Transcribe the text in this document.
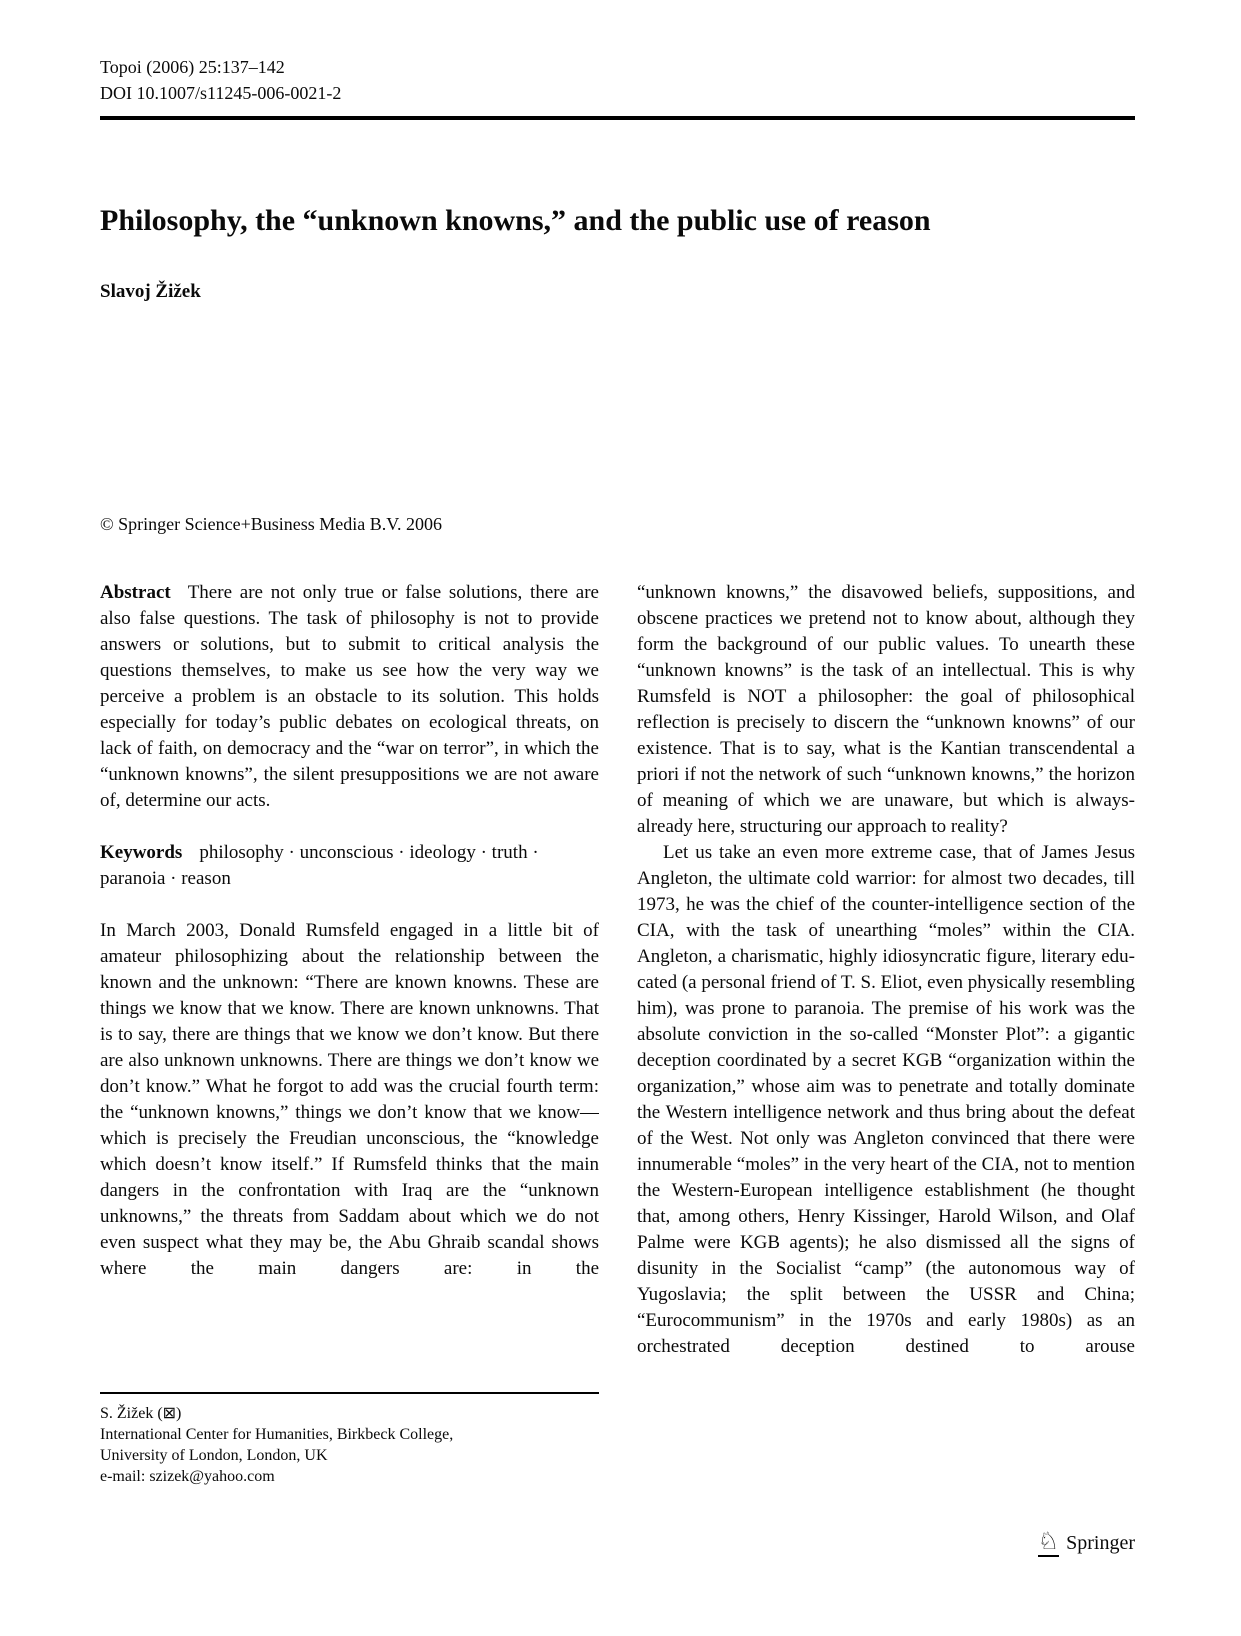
Topoi (2006) 25:137–142
DOI 10.1007/s11245-006-0021-2
Philosophy, the “unknown knowns,” and the public use of reason
Slavoj Žižek
© Springer Science+Business Media B.V. 2006

Abstract There are not only true or false solutions, there are also false questions. The task of philosophy is not to provide answers or solutions, but to submit to critical analysis the questions themselves, to make us see how the very way we perceive a problem is an obstacle to its solution. This holds especially for today’s public debates on ecological threats, on lack of faith, on democracy and the “war on terror”, in which the “unknown knowns”, the silent presuppositions we are not aware of, determine our acts.

Keywords philosophy · unconscious · ideology · truth · paranoia · reason

In March 2003, Donald Rumsfeld engaged in a little bit of amateur philosophizing about the relationship between the known and the unknown: “There are known knowns. These are things we know that we know. There are known unknowns. That is to say, there are things that we know we don’t know. But there are also unknown unknowns. There are things we don’t know we don’t know.” What he forgot to add was the crucial fourth term: the “unknown knowns,” things we don’t know that we know—which is precisely the Freudian unconscious, the “knowledge which doesn’t know itself.” If Rumsfeld thinks that the main dangers in the confrontation with Iraq are the “unknown unknowns,” the threats from Saddam about which we do not even suspect what they may be, the Abu Ghraib scandal shows where the main dangers are: in the

“unknown knowns,” the disavowed beliefs, suppositions, and obscene practices we pretend not to know about, although they form the background of our public values. To unearth these “unknown knowns” is the task of an intellectual. This is why Rumsfeld is NOT a philosopher: the goal of philosophical reflection is precisely to discern the “unknown knowns” of our existence. That is to say, what is the Kantian transcendental a priori if not the network of such “unknown knowns,” the horizon of meaning of which we are unaware, but which is always-already here, structuring our approach to reality?

Let us take an even more extreme case, that of James Jesus Angleton, the ultimate cold warrior: for almost two decades, till 1973, he was the chief of the counter-intelligence section of the CIA, with the task of unearthing “moles” within the CIA. Angleton, a charismatic, highly idiosyncratic figure, literary educated (a personal friend of T. S. Eliot, even physically resembling him), was prone to paranoia. The premise of his work was the absolute conviction in the so-called “Monster Plot”: a gigantic deception coordinated by a secret KGB “organization within the organization,” whose aim was to penetrate and totally dominate the Western intelligence network and thus bring about the defeat of the West. Not only was Angleton convinced that there were innumerable “moles” in the very heart of the CIA, not to mention the Western-European intelligence establishment (he thought that, among others, Henry Kissinger, Harold Wilson, and Olaf Palme were KGB agents); he also dismissed all the signs of disunity in the Socialist “camp” (the autonomous way of Yugoslavia; the split between the USSR and China; “Eurocommunism” in the 1970s and early 1980s) as an orchestrated deception destined to arouse

S. Žižek (⊠)
International Center for Humanities, Birkbeck College,
University of London, London, UK
e-mail: szizek@yahoo.com
♘ Springer
